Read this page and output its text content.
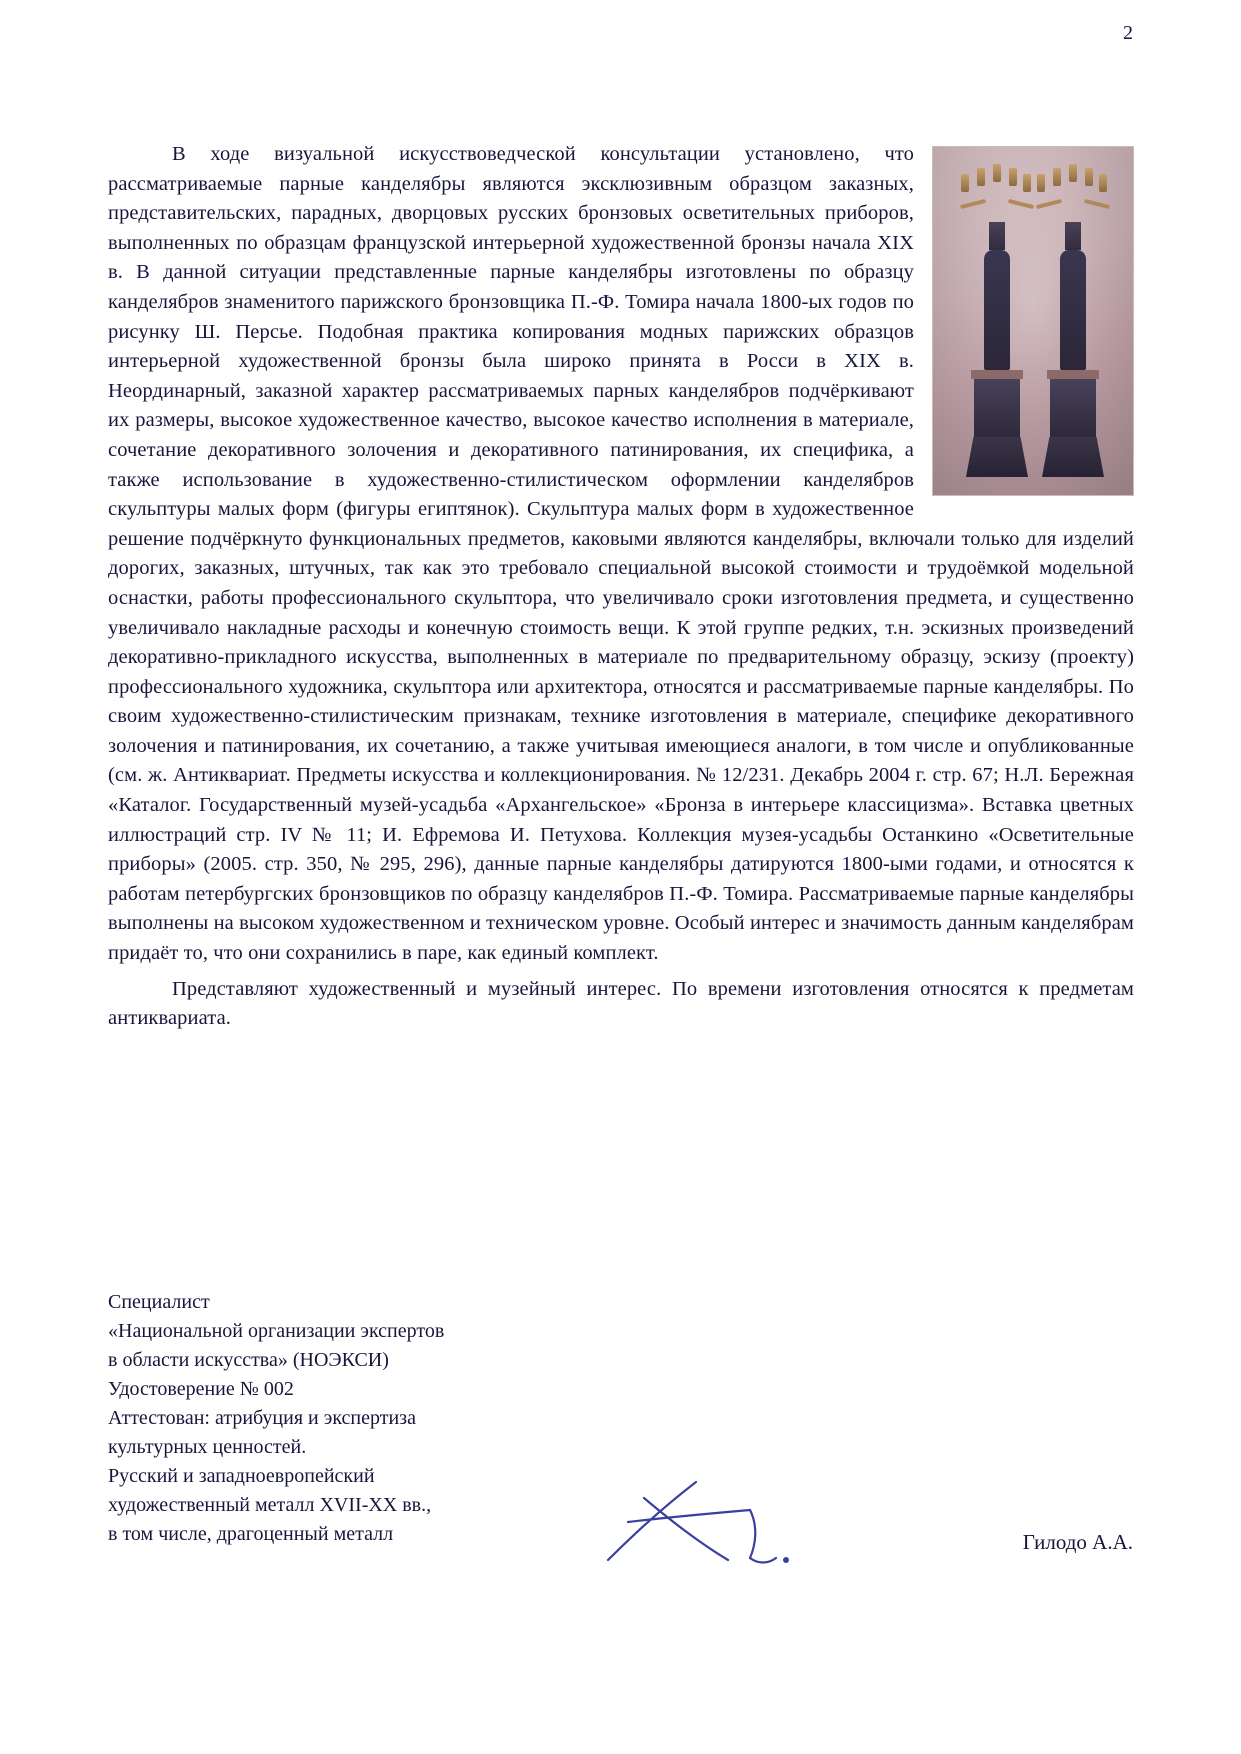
2

В ходе визуальной искусствоведческой консультации установлено, что рассматриваемые парные канделябры являются эксклюзивным образцом заказных, представительских, парадных, дворцовых русских бронзовых осветительных приборов, выполненных по образцам французской интерьерной художественной бронзы начала XIX в. В данной ситуации представленные парные канделябры изготовлены по образцу канделябров знаменитого парижского бронзовщика П.-Ф. Томира начала 1800-ых годов по рисунку Ш. Персье. Подобная практика копирования модных парижских образцов интерьерной художественной бронзы была широко принята в Росси в XIX в. Неординарный, заказной характер рассматриваемых парных канделябров подчёркивают их размеры, высокое художественное качество, высокое качество исполнения в материале, сочетание декоративного золочения и декоративного патинирования, их специфика, а также использование в художественно-стилистическом оформлении канделябров скульптуры малых форм (фигуры египтянок). Скульптура малых форм в художественное решение подчёркнуто функциональных предметов, каковыми являются канделябры, включали только для изделий дорогих, заказных, штучных, так как это требовало специальной высокой стоимости и трудоёмкой модельной оснастки, работы профессионального скульптора, что увеличивало сроки изготовления предмета, и существенно увеличивало накладные расходы и конечную стоимость вещи. К этой группе редких, т.н. эскизных произведений декоративно-прикладного искусства, выполненных в материале по предварительному образцу, эскизу (проекту) профессионального художника, скульптора или архитектора, относятся и рассматриваемые парные канделябры. По своим художественно-стилистическим признакам, технике изготовления в материале, специфике декоративного золочения и патинирования, их сочетанию, а также учитывая имеющиеся аналоги, в том числе и опубликованные (см. ж. Антиквариат. Предметы искусства и коллекционирования. № 12/231. Декабрь 2004 г. стр. 67; Н.Л. Бережная «Каталог. Государственный музей-усадьба «Архангельское» «Бронза в интерьере классицизма». Вставка цветных иллюстраций стр. IV № 11; И. Ефремова И. Петухова. Коллекция музея-усадьбы Останкино «Осветительные приборы» (2005. стр. 350, № 295, 296), данные парные канделябры датируются 1800-ыми годами, и относятся к работам петербургских бронзовщиков по образцу канделябров П.-Ф. Томира. Рассматриваемые парные канделябры выполнены на высоком художественном и техническом уровне. Особый интерес и значимость данным канделябрам придаёт то, что они сохранились в паре, как единый комплект.

Представляют художественный и музейный интерес. По времени изготовления относятся к предметам антиквариата.

Специалист
«Национальной организации экспертов
в области искусства» (НОЭКСИ)
Удостоверение № 002
Аттестован: атрибуция и экспертиза
культурных ценностей.
Русский и западноевропейский
художественный металл XVII-XX вв.,
в том числе, драгоценный металл	Гилодо А.А.
